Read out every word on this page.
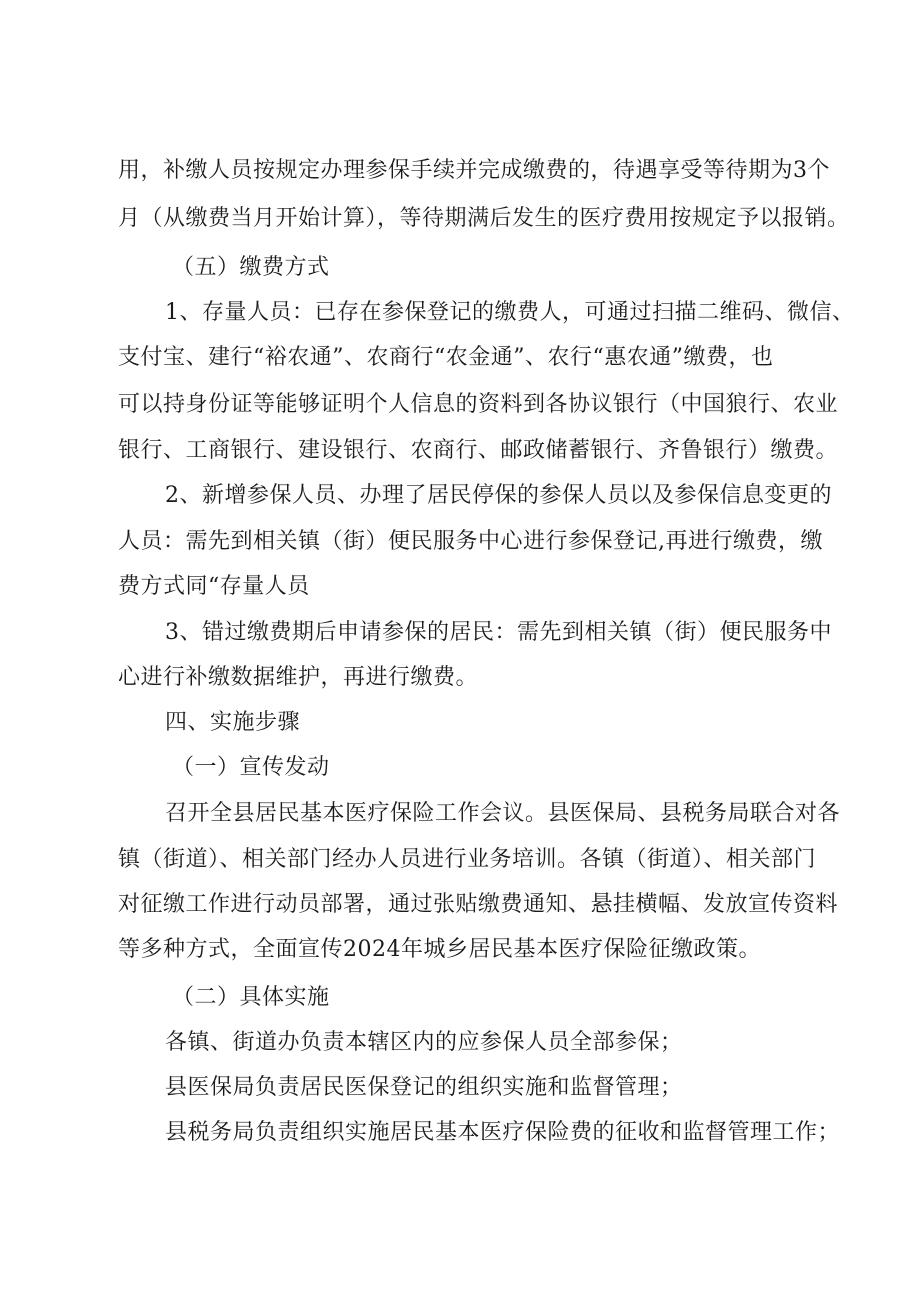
用，补缴人员按规定办理参保手续并完成缴费的，待遇享受等待期为3个
月（从缴费当月开始计算），等待期满后发生的医疗费用按规定予以报销。
（五）缴费方式
1、存量人员：已存在参保登记的缴费人，可通过扫描二维码、微信、
支付宝、建行“裕农通”、农商行“农金通”、农行“惠农通”缴费，也
可以持身份证等能够证明个人信息的资料到各协议银行（中国狼行、农业
银行、工商银行、建设银行、农商行、邮政储蓄银行、齐鲁银行）缴费。
2、新增参保人员、办理了居民停保的参保人员以及参保信息变更的
人员：需先到相关镇（街）便民服务中心进行参保登记,再进行缴费，缴
费方式同“存量人员
3、错过缴费期后申请参保的居民：需先到相关镇（街）便民服务中
心进行补缴数据维护，再进行缴费。
四、实施步骤
（一）宣传发动
召开全县居民基本医疗保险工作会议。县医保局、县税务局联合对各
镇（街道）、相关部门经办人员进行业务培训。各镇（街道）、相关部门
对征缴工作进行动员部署，通过张贴缴费通知、悬挂横幅、发放宣传资料
等多种方式，全面宣传2024年城乡居民基本医疗保险征缴政策。
（二）具体实施
各镇、街道办负责本辖区内的应参保人员全部参保；
县医保局负责居民医保登记的组织实施和监督管理；
县税务局负责组织实施居民基本医疗保险费的征收和监督管理工作；
